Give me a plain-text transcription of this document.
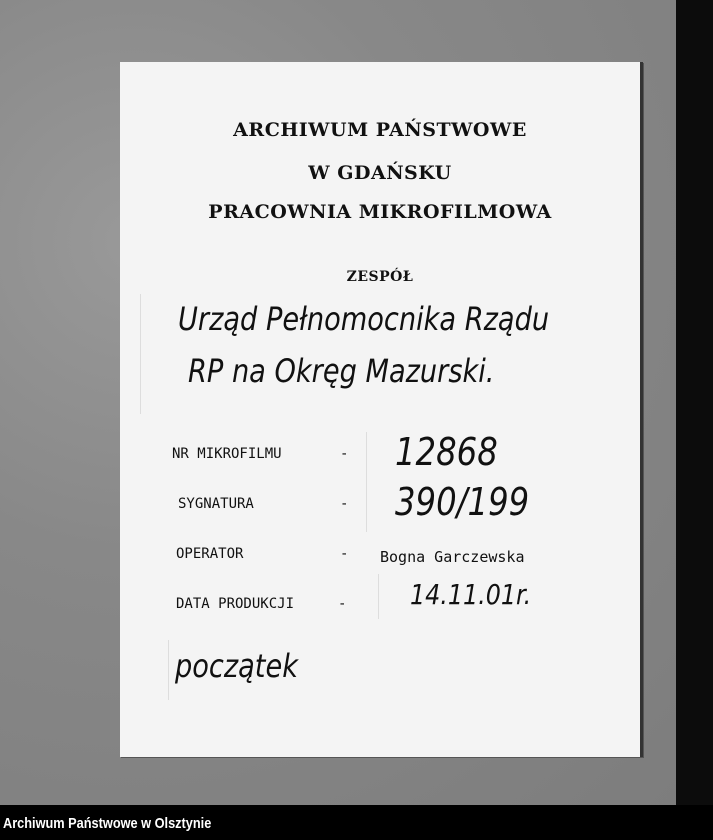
ARCHIWUM PAŃSTWOWE
W GDAŃSKU
PRACOWNIA MIKROFILMOWA
ZESPÓŁ
Urząd Pełnomocnika Rządu
RP na Okręg Mazurski.
NR MIKROFILMU	- 12868
SYGNATURA	- 390/199
OPERATOR	- Bogna Garczewska
DATA PRODUKCJI	- 14.11.01r.
początek
Archiwum Państwowe w Olsztynie
